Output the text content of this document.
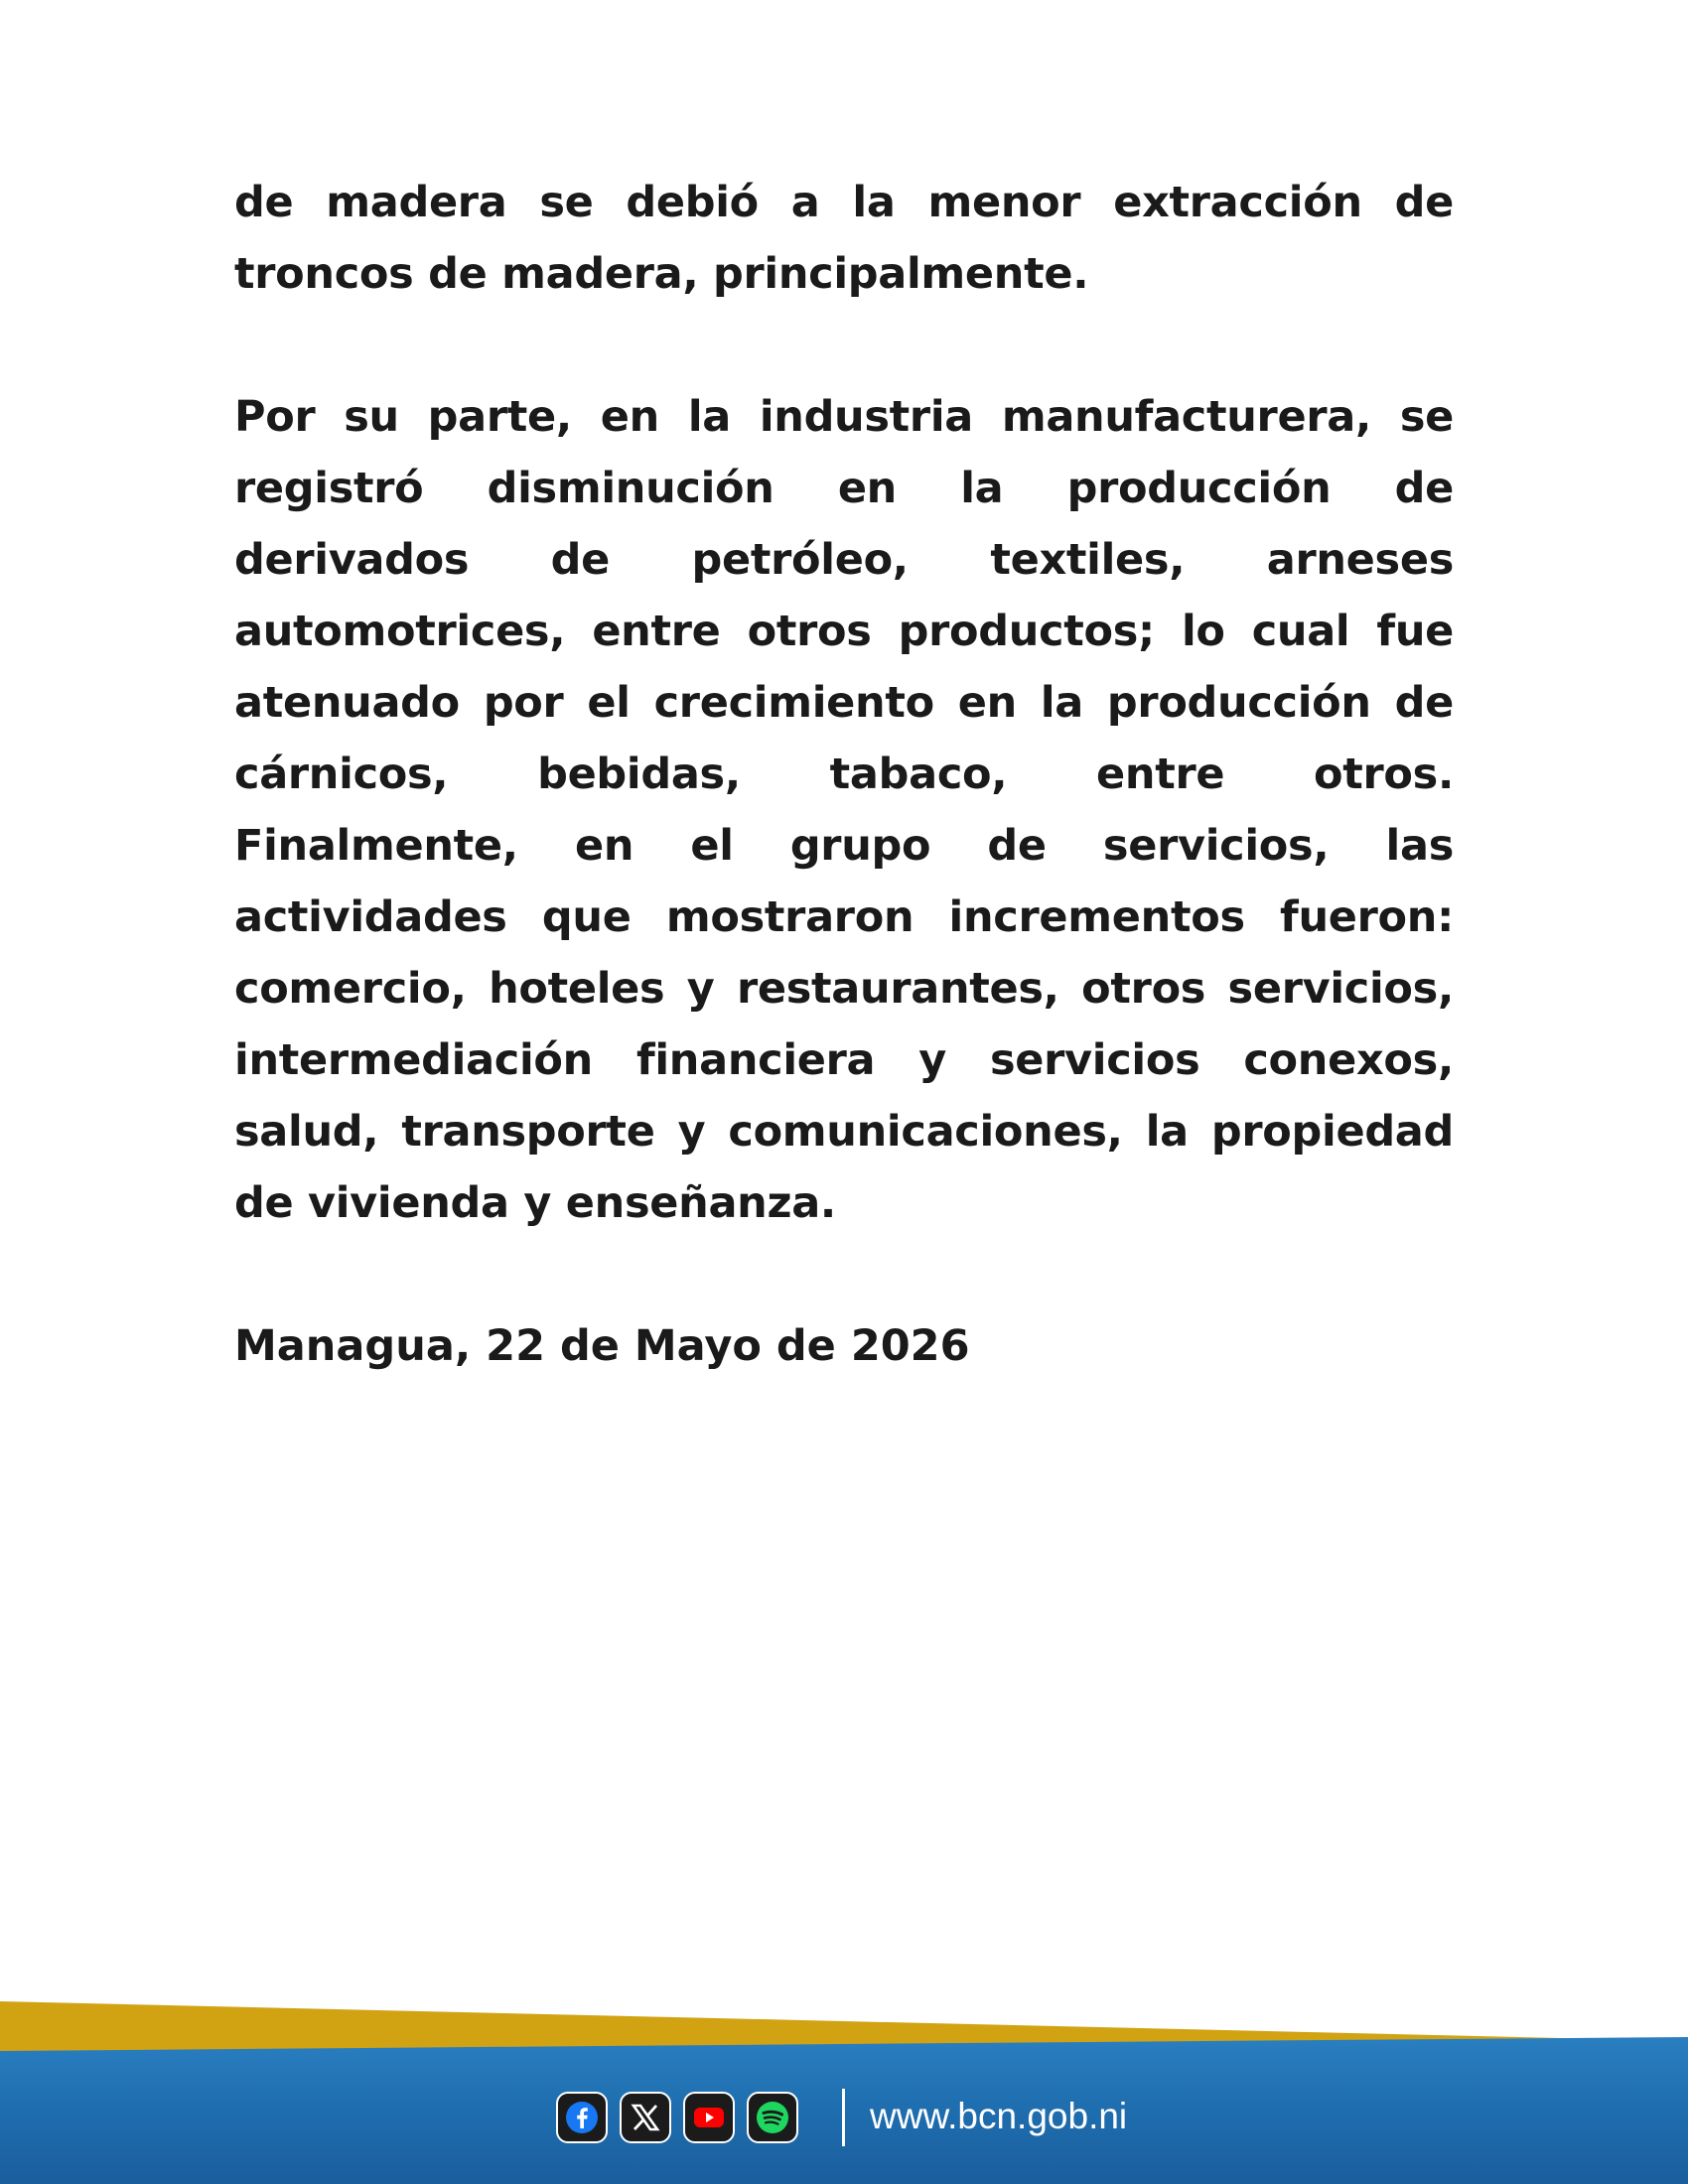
de madera se debió a la menor extracción de troncos de madera, principalmente.

Por su parte, en la industria manufacturera, se registró disminución en la producción de derivados de petróleo, textiles, arneses automotrices, entre otros productos; lo cual fue atenuado por el crecimiento en la producción de cárnicos, bebidas, tabaco, entre otros. Finalmente, en el grupo de servicios, las actividades que mostraron incrementos fueron: comercio, hoteles y restaurantes, otros servicios, intermediación financiera y servicios conexos, salud, transporte y comunicaciones, la propiedad de vivienda y enseñanza.

Managua, 22 de Mayo de 2026
www.bcn.gob.ni
